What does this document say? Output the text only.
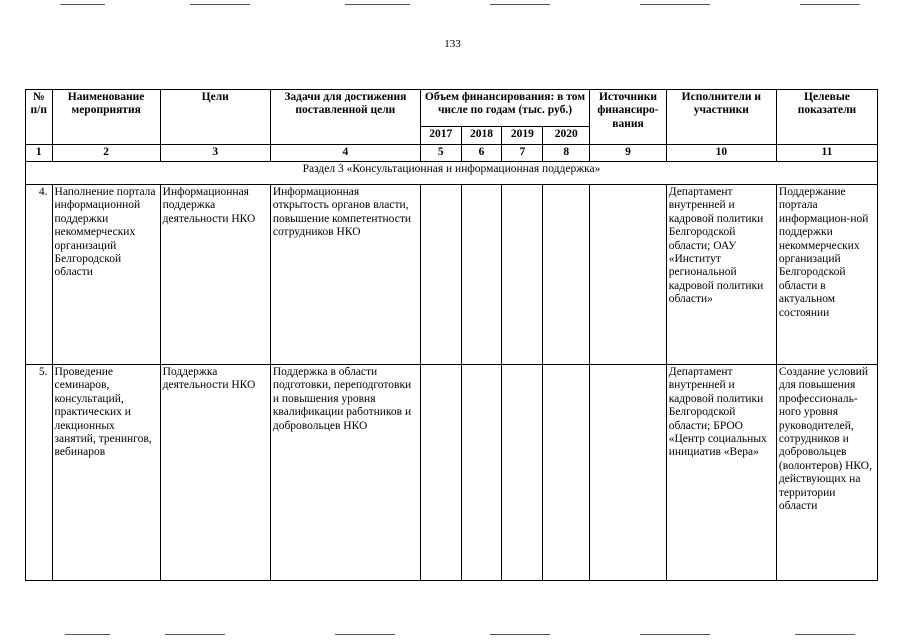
133
№ п/п	Наименование мероприятия	Цели	Задачи для достижения поставленной цели	Объем финансирования: в том числе по годам (тыс. руб.)				Источники финансиро-вания	Исполнители и участники	Целевые показатели
				2017	2018	2019	2020			
1	2	3	4	5	6	7	8	9	10	11
Раздел 3 «Консультационная и информационная поддержка»										
4.	Наполнение портала информационной поддержки некоммерческих организаций Белгородской области	Информационная поддержка деятельности НКО	Информационная открытость органов власти, повышение компетентности сотрудников НКО						Департамент внутренней и кадровой политики Белгородской области; ОАУ «Институт региональной кадровой политики области»	Поддержание портала информацион-ной поддержки некоммерческих организаций Белгородской области в актуальном состоянии
5.	Проведение семинаров, консультаций, практических и лекционных занятий, тренингов, вебинаров	Поддержка деятельности НКО	Поддержка в области подготовки, переподготовки и повышения уровня квалификации работников и добровольцев НКО						Департамент внутренней и кадровой политики Белгородской области; БРОО «Центр социальных инициатив «Вера»	Создание условий для повышения профессиональ-ного уровня руководителей, сотрудников и добровольцев (волонтеров) НКО, действующих на территории области
